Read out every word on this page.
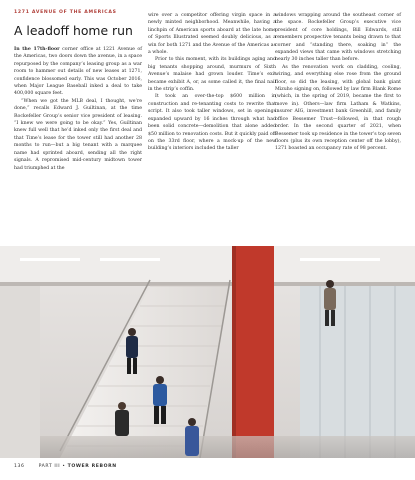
1271 AVENUE OF THE AMERICAS
A leadoff home run

In the 17th-floor corner office at 1221 Avenue of the Americas, two doors down the avenue, in a space repurposed by the company’s leasing group as a war room to hammer out details of new leases at 1271, confidence blossomed early. This was October 2016, when Major League Baseball inked a deal to take 400,000 square feet.

“When we got the MLB deal, I thought, we’re done,” recalls Edward J. Guiltinan, at the time Rockefeller Group’s senior vice president of leasing. “I knew we were going to be okay.” Yes, Guiltinan knew full well that he’d inked only the first deal and that Time’s lease for the tower still had another 28 months to run—but a big tenant with a marquee name had sprinted aboard, sending all the right signals. A repromised mid-century midtown tower had triumphed at the

wire over a competitor offering virgin space in a newly minted neighborhood. Meanwhile, having a linchpin of American sports aboard at the late home of Sports Illustrated seemed doubly delicious, as a win for both 1271 and the Avenue of the Americas as a whole.

Prior to this moment, with its buildings aging and big tenants shopping around, murmurs of Sixth Avenue’s malaise had grown louder. Time’s exit became exhibit A, or, as some called it, the final nail in the strip’s coffin.

It took an over-the-top $600 million in construction and re-tenanting costs to rewrite that script. It also took taller windows, set in openings expanded upward by 16 inches through what had been solid concrete—demolition that alone added $50 million to renovation costs. But it quickly paid off on the 33rd floor, where a mock-up of the new building’s interiors included the taller

windows wrapping around the southeast corner of the space. Rockefeller Group’s executive vice president of core holdings, Bill Edwards, still remembers prospective tenants being drawn to that corner and “standing there, soaking in” the expanded views that came with windows stretching nearly 30 inches taller than before.

As the renovation work on cladding, cooling, wiring, and everything else rose from the ground floor, so did the leasing, with global bank giant Mizuho signing on, followed by law firm Blank Rome (which, in the spring of 2019, became the first to move in). Others—law firm Latham & Watkins, insurer AIG, investment bank Greenhill, and family office Bessemer Trust—followed, in that rough order. In the second quarter of 2021, when Bessemer took up residence in the tower’s top seven floors (plus its own reception center off the lobby), 1271 boasted an occupancy rate of 98 percent.

136	PART III • TOWER REBORN
